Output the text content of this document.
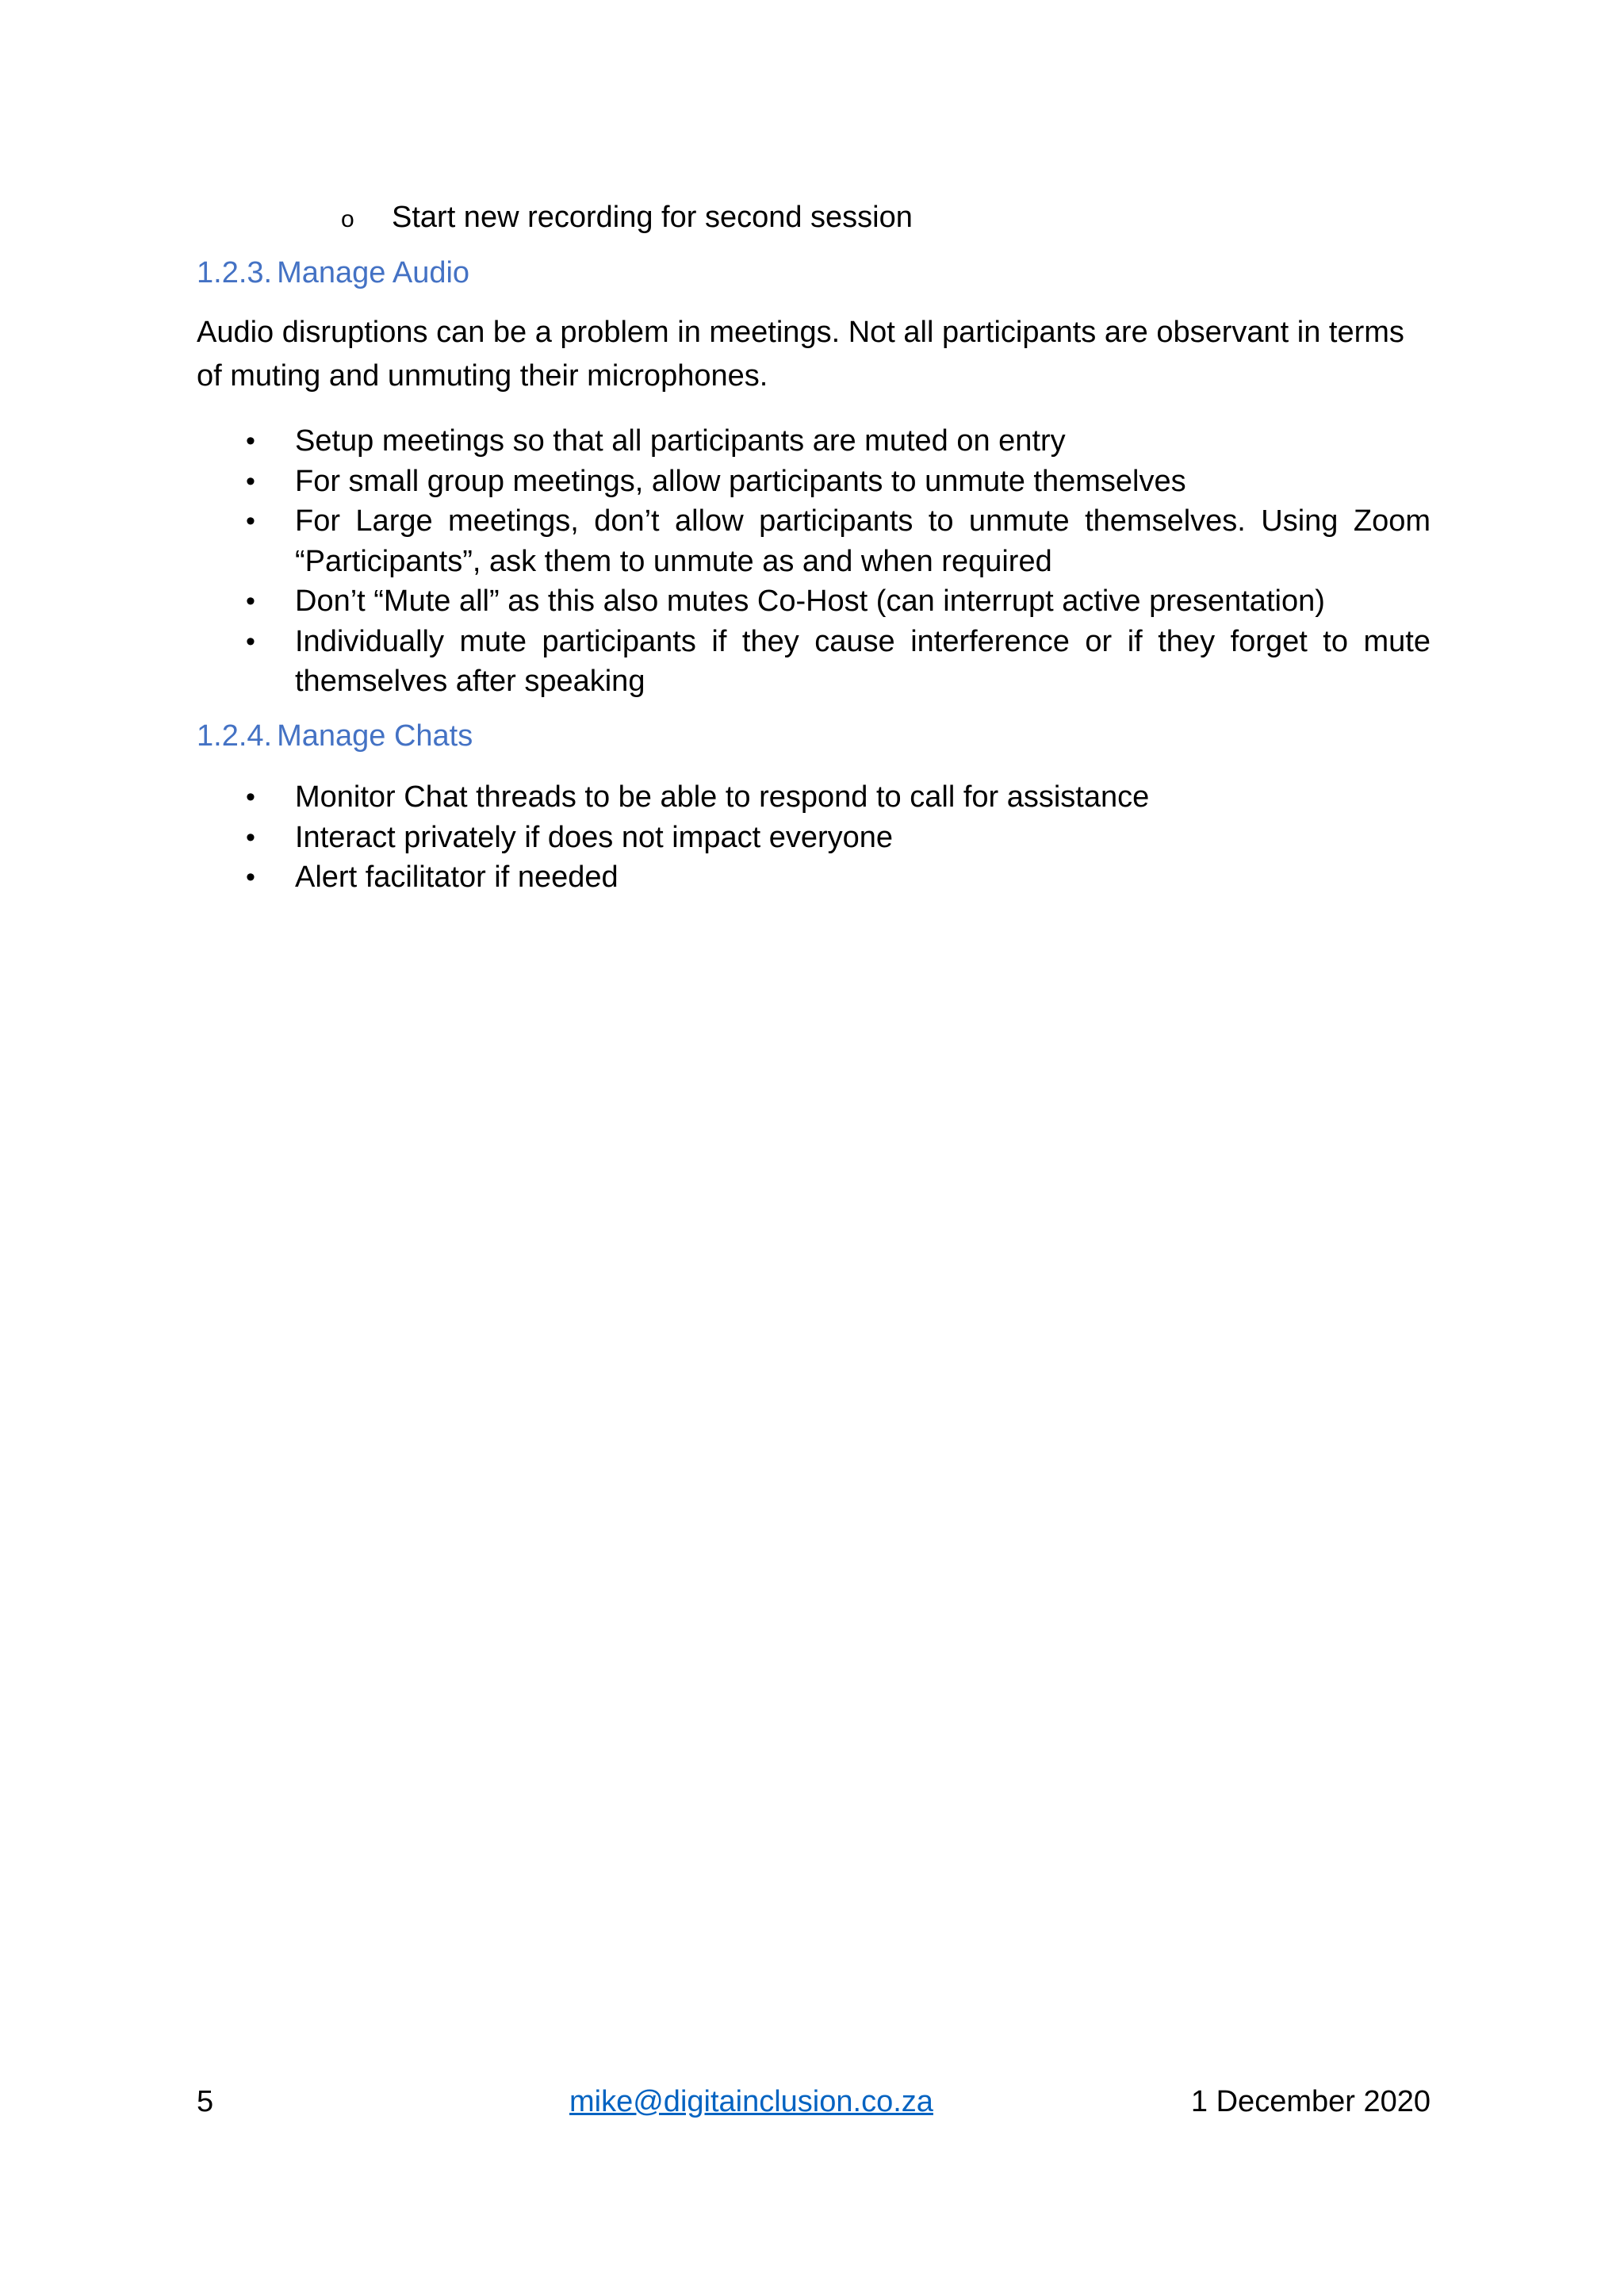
o Start new recording for second session
1.2.3. Manage Audio

Audio disruptions can be a problem in meetings. Not all participants are observant in terms

of muting and unmuting their microphones.

• Setup meetings so that all participants are muted on entry
• For small group meetings, allow participants to unmute themselves
• For Large meetings, don’t allow participants to unmute themselves. Using Zoom “Participants”, ask them to unmute as and when required
• Don’t “Mute all” as this also mutes Co-Host (can interrupt active presentation)
• Individually mute participants if they cause interference or if they forget to mute themselves after speaking
1.2.4. Manage Chats
• Monitor Chat threads to be able to respond to call for assistance
• Interact privately if does not impact everyone
• Alert facilitator if needed
5	mike@digitainclusion.co.za	1 December 2020
